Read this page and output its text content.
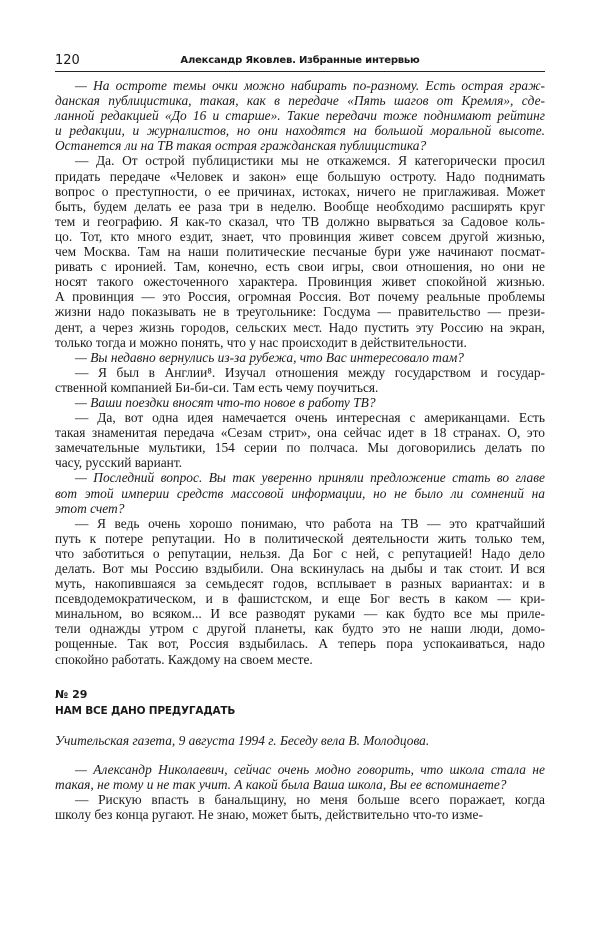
120	Александр Яковлев. Избранные интервью
— На остроте темы очки можно набирать по-разному. Есть острая граж-
данская публицистика, такая, как в передаче «Пять шагов от Кремля», сде-
ланной редакцией «До 16 и старше». Такие передачи тоже поднимают рейтинг
и редакции, и журналистов, но они находятся на большой моральной высоте.
Останется ли на ТВ такая острая гражданская публицистика?
— Да. От острой публицистики мы не откажемся. Я категорически просил
придать передаче «Человек и закон» еще большую остроту. Надо поднимать
вопрос о преступности, о ее причинах, истоках, ничего не приглаживая. Может
быть, будем делать ее раза три в неделю. Вообще необходимо расширять круг
тем и географию. Я как-то сказал, что ТВ должно вырваться за Садовое коль-
цо. Тот, кто много ездит, знает, что провинция живет совсем другой жизнью,
чем Москва. Там на наши политические песчаные бури уже начинают посмат-
ривать с иронией. Там, конечно, есть свои игры, свои отношения, но они не
носят такого ожесточенного характера. Провинция живет спокойной жизнью.
А провинция — это Россия, огромная Россия. Вот почему реальные проблемы
жизни надо показывать не в треугольнике: Госдума — правительство — прези-
дент, а через жизнь городов, сельских мест. Надо пустить эту Россию на экран,
только тогда и можно понять, что у нас происходит в действительности.
— Вы недавно вернулись из-за рубежа, что Вас интересовало там?
— Я был в Англии⁸. Изучал отношения между государством и государ-
ственной компанией Би-би-си. Там есть чему поучиться.
— Ваши поездки вносят что-то новое в работу ТВ?
— Да, вот одна идея намечается очень интересная с американцами. Есть
такая знаменитая передача «Сезам стрит», она сейчас идет в 18 странах. О, это
замечательные мультики, 154 серии по полчаса. Мы договорились делать по
часу, русский вариант.
— Последний вопрос. Вы так уверенно приняли предложение стать во главе
вот этой империи средств массовой информации, но не было ли сомнений на
этот счет?
— Я ведь очень хорошо понимаю, что работа на ТВ — это кратчайший
путь к потере репутации. Но в политической деятельности жить только тем,
что заботиться о репутации, нельзя. Да Бог с ней, с репутацией! Надо дело
делать. Вот мы Россию вздыбили. Она вскинулась на дыбы и так стоит. И вся
муть, накопившаяся за семьдесят годов, всплывает в разных вариантах: и в
псевдодемократическом, и в фашистском, и еще Бог весть в каком — кри-
минальном, во всяком... И все разводят руками — как будто все мы приле-
тели однажды утром с другой планеты, как будто это не наши люди, домо-
рощенные. Так вот, Россия вздыбилась. А теперь пора успокаиваться, надо
спокойно работать. Каждому на своем месте.
№ 29
НАМ ВСЕ ДАНО ПРЕДУГАДАТЬ
Учительская газета, 9 августа 1994 г. Беседу вела В. Молодцова.
— Александр Николаевич, сейчас очень модно говорить, что школа стала не
такая, не тому и не так учит. А какой была Ваша школа, Вы ее вспоминаете?
— Рискую впасть в банальщину, но меня больше всего поражает, когда
школу без конца ругают. Не знаю, может быть, действительно что-то изме-
